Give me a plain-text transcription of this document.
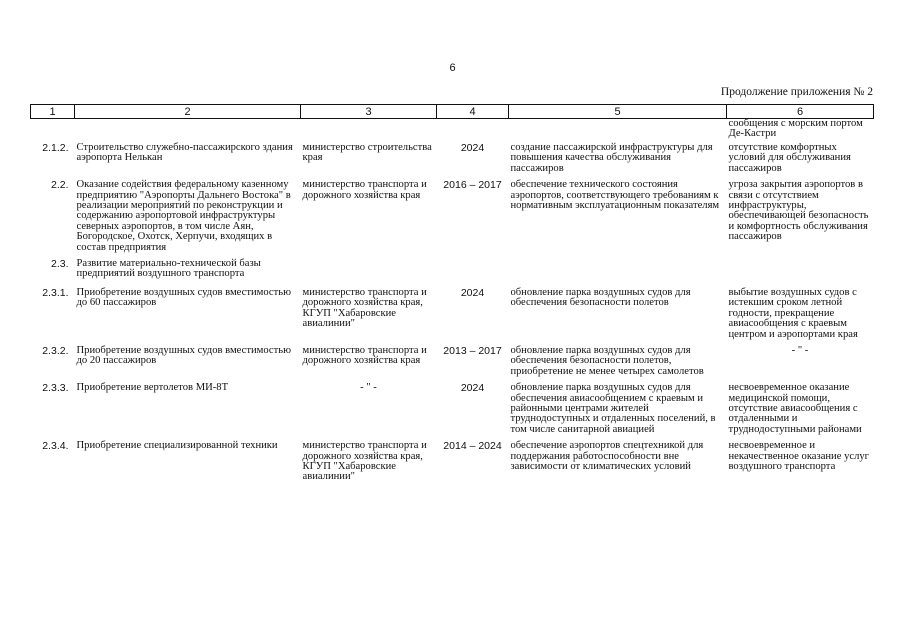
6
Продолжение приложения № 2
1	2	3	4	5	6
					сообщения с морским портом Де-Кастри
2.1.2.	Строительство служебно-пассажирского здания аэропорта Нелькан	министерство строительства края	2024	создание пассажирской инфраструктуры для повышения качества обслуживания пассажиров	отсутствие комфортных условий для обслуживания пассажиров

2.2.	Оказание содействия федеральному казенному предприятию "Аэропорты Дальнего Востока" в реализации мероприятий по реконструкции и содержанию аэропортовой инфраструктуры северных аэропортов, в том числе Аян, Богородское, Охотск, Херпучи, входящих в состав предприятия	министерство транспорта и дорожного хозяйства края	2016 – 2017	обеспечение технического состояния аэропортов, соответствующего требованиям к нормативным эксплуатационным показателям	угроза закрытия аэропортов в связи с отсутствием инфраструктуры, обеспечивающей безопасность и комфортность обслуживания пассажиров

2.3.	Развитие материально-технической базы предприятий воздушного транспорта				

2.3.1.	Приобретение воздушных судов вместимостью до 60 пассажиров	министерство транспорта и дорожного хозяйства края, КГУП "Хабаровские авиалинии"	2024	обновление парка воздушных судов для обеспечения безопасности полетов	выбытие воздушных судов с истекшим сроком летной годности, прекращение авиасообщения с краевым центром и аэропортами края

2.3.2.	Приобретение воздушных судов вместимостью до 20 пассажиров	министерство транспорта и дорожного хозяйства края	2013 – 2017	обновление парка воздушных судов для обеспечения безопасности полетов, приобретение не менее четырех самолетов	- " -

2.3.3.	Приобретение вертолетов МИ-8Т	- " -	2024	обновление парка воздушных судов для обеспечения авиасообщением с краевым и районными центрами жителей труднодоступных и отдаленных поселений, в том числе санитарной авиацией	несвоевременное оказание медицинской помощи, отсутствие авиасообщения с отдаленными и труднодоступными районами

2.3.4.	Приобретение специализированной техники	министерство транспорта и дорожного хозяйства края, КГУП "Хабаровские авиалинии"	2014 – 2024	обеспечение аэропортов спецтехникой для поддержания работоспособности вне зависимости от климатических условий	несвоевременное и некачественное оказание услуг воздушного транспорта
